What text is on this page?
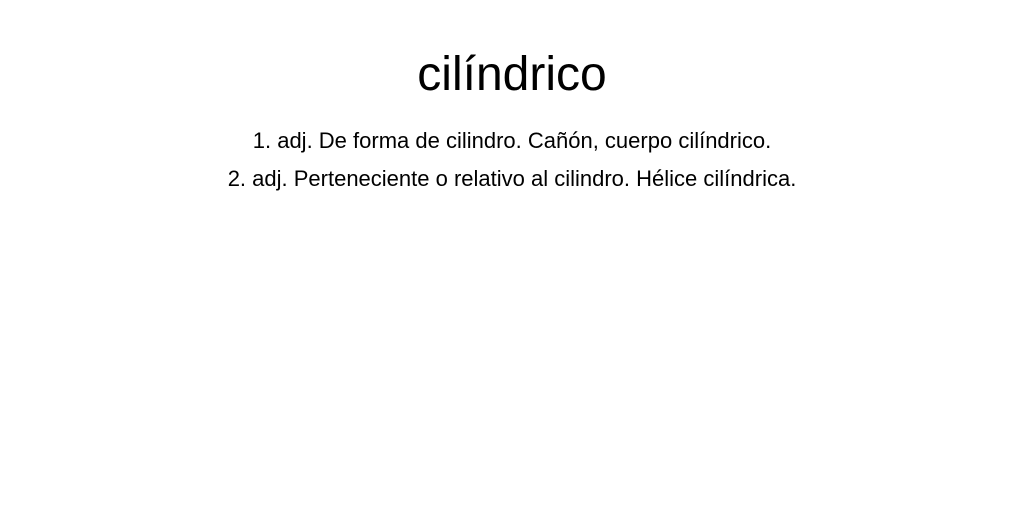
cilíndrico
1. adj. De forma de cilindro. Cañón, cuerpo cilíndrico.
2. adj. Perteneciente o relativo al cilindro. Hélice cilíndrica.
